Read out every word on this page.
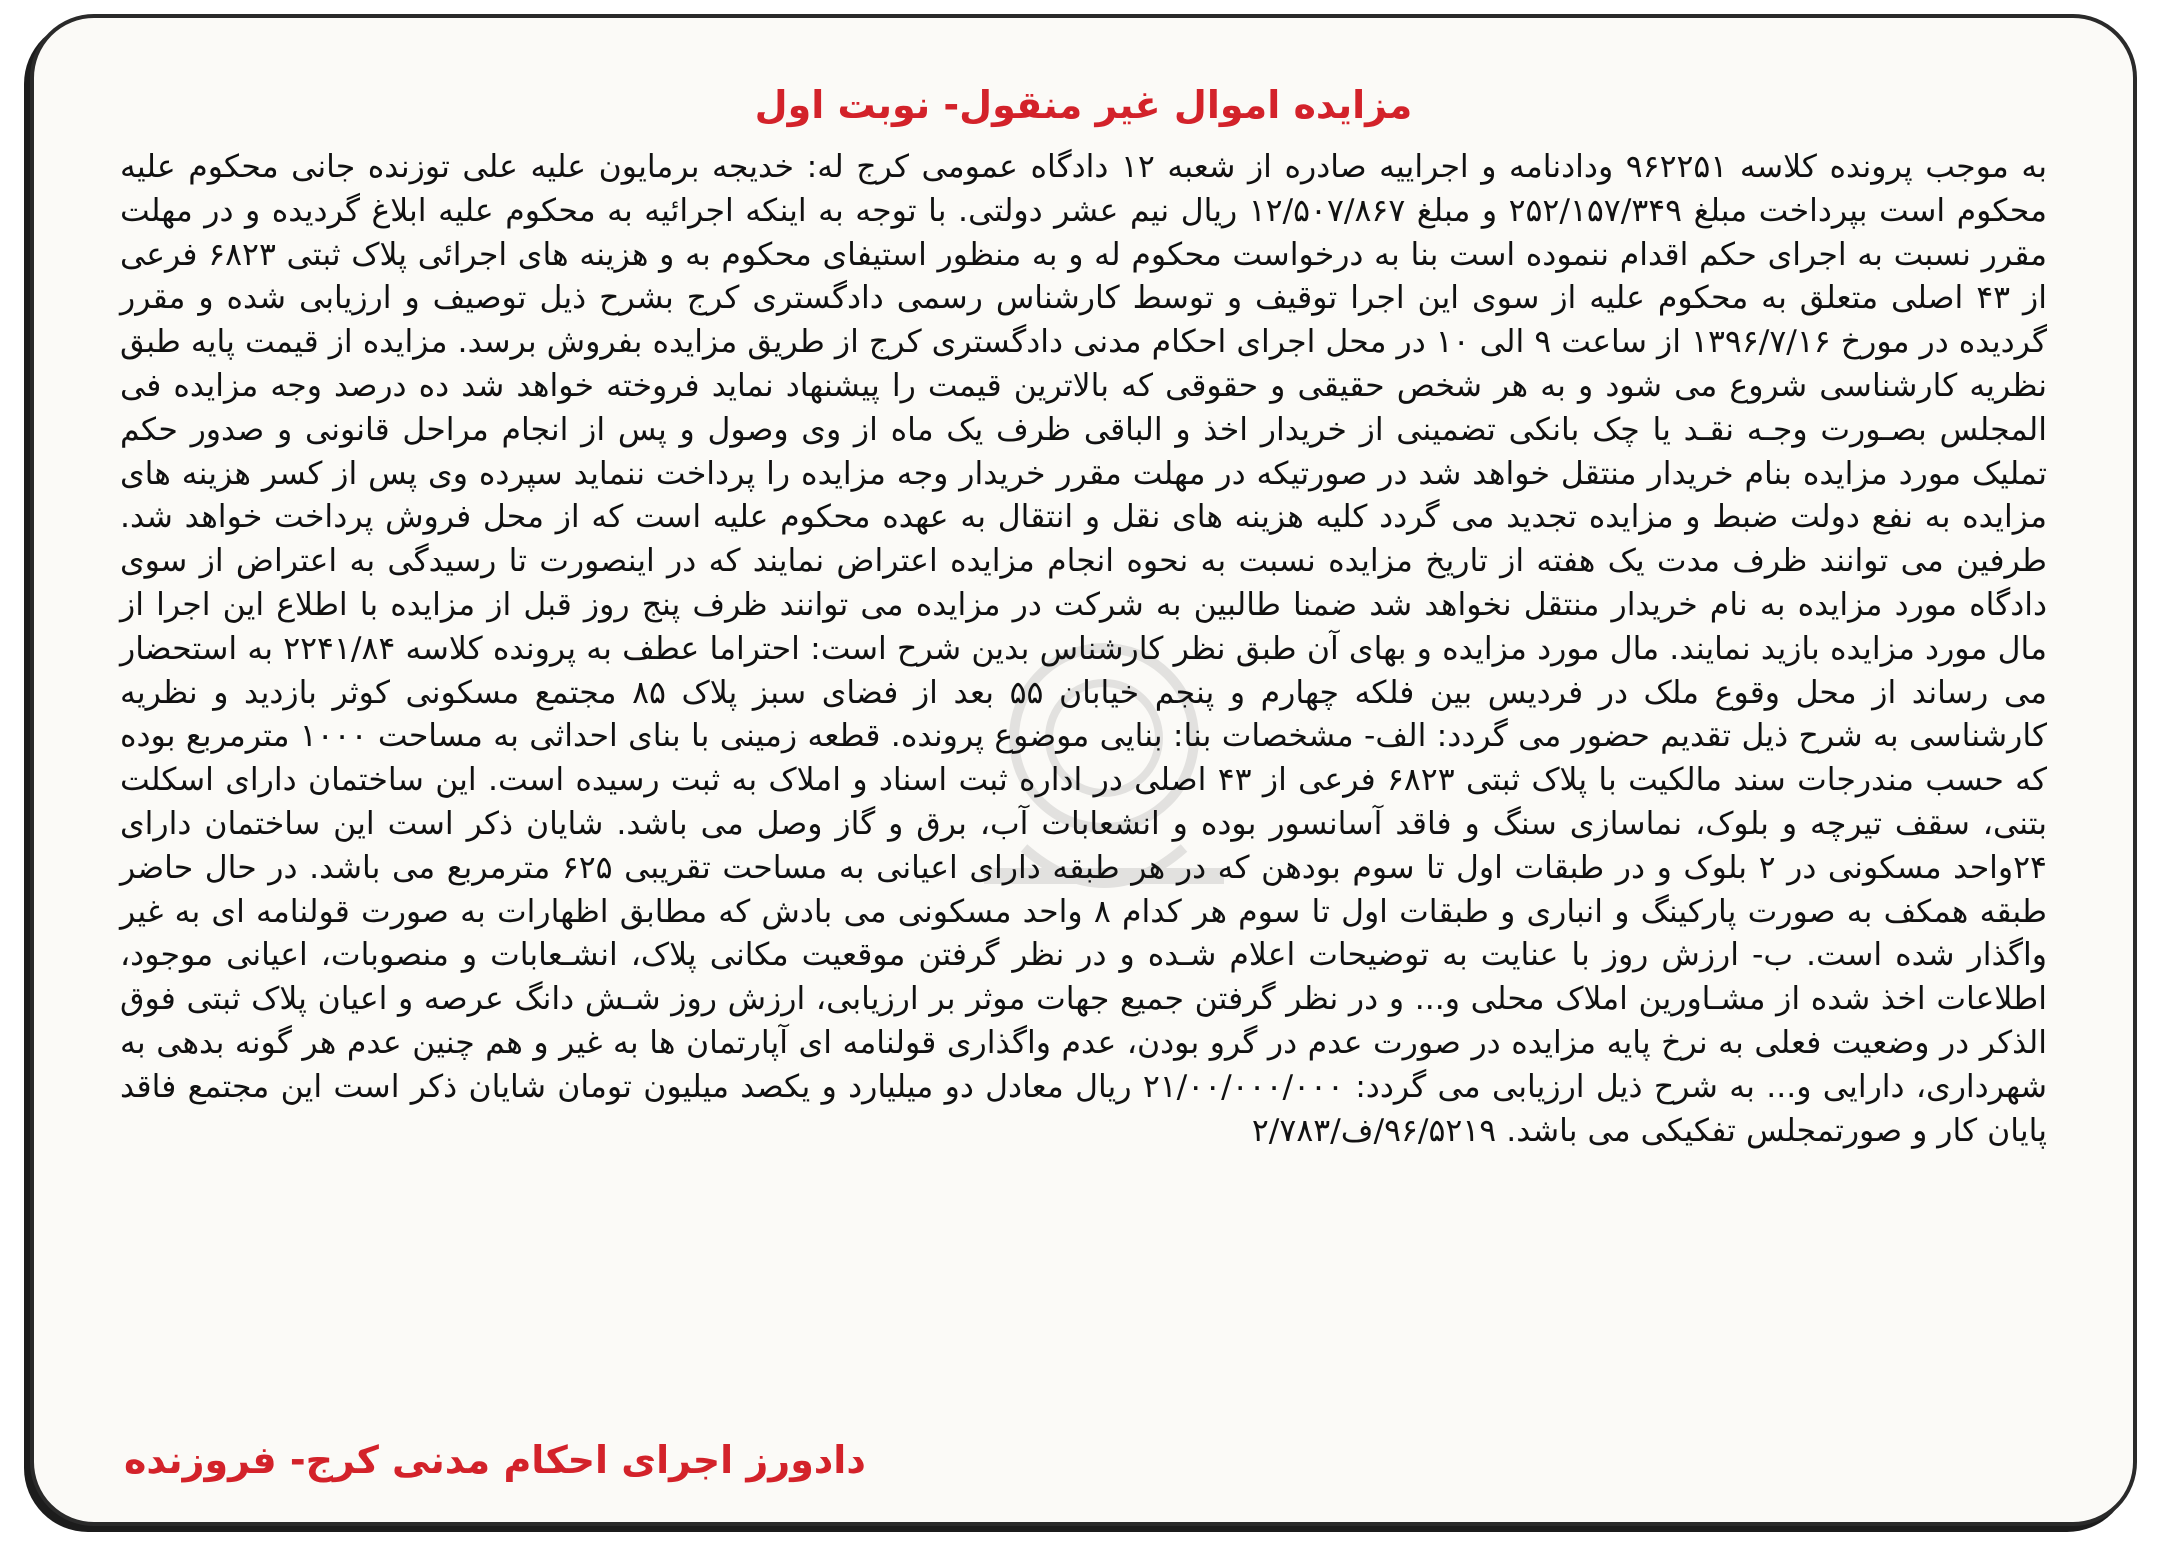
مزایده اموال غیر منقول- نوبت اول
به موجب پرونده کلاسه ۹۶۲۲۵۱ ودادنامه و اجراییه صادره از شعبه ۱۲ دادگاه عمومی کرج له: خدیجه برمایون علیه علی توزنده جانی محکوم علیه محکوم است بپرداخت مبلغ ۲۵۲/۱۵۷/۳۴۹ و مبلغ ۱۲/۵۰۷/۸۶۷ ریال نیم عشر دولتی. با توجه به اینکه اجرائیه به محکوم علیه ابلاغ گردیده و در مهلت مقرر نسبت به اجرای حکم اقدام ننموده است بنا به درخواست محکوم له و به منظور استیفای محکوم به و هزینه های اجرائی پلاک ثبتی ۶۸۲۳ فرعی از ۴۳ اصلی متعلق به محکوم علیه از سوی این اجرا توقیف و توسط کارشناس رسمی دادگستری کرج بشرح ذیل توصیف و ارزیابی شده و مقرر گردیده در مورخ ۱۳۹۶/۷/۱۶ از ساعت ۹ الی ۱۰ در محل اجرای احکام مدنی دادگستری کرج از طریق مزایده بفروش برسد. مزایده از قیمت پایه طبق نظریه کارشناسی شروع می شود و به هر شخص حقیقی و حقوقی که بالاترین قیمت را پیشنهاد نماید فروخته خواهد شد ده درصد وجه مزایده فی المجلس بصـورت وجـه نقـد یا چک بانکی تضمینی از خریدار اخذ و الباقی ظرف یک ماه از وی وصول و پس از انجام مراحل قانونی و صدور حکم تملیک مورد مزایده بنام خریدار منتقل خواهد شد در صورتیکه در مهلت مقرر خریدار وجه مزایده را پرداخت ننماید سپرده وی پس از کسر هزینه های مزایده به نفع دولت ضبط و مزایده تجدید می گردد کلیه هزینه های نقل و انتقال به عهده محکوم علیه است که از محل فروش پرداخت خواهد شد. طرفین می توانند ظرف مدت یک هفته از تاریخ مزایده نسبت به نحوه انجام مزایده اعتراض نمایند که در اینصورت تا رسیدگی به اعتراض از سوی دادگاه مورد مزایده به نام خریدار منتقل نخواهد شد ضمنا طالبین به شرکت در مزایده می توانند ظرف پنج روز قبل از مزایده با اطلاع این اجرا از مال مورد مزایده بازید نمایند. مال مورد مزایده و بهای آن طبق نظر کارشناس بدین شرح است: احتراما عطف به پرونده کلاسه ۲۲۴۱/۸۴ به استحضار می رساند از محل وقوع ملک در فردیس بین فلکه چهارم و پنجم خیابان ۵۵ بعد از فضای سبز پلاک ۸۵ مجتمع مسکونی کوثر بازدید و نظریه کارشناسی به شرح ذیل تقدیم حضور می گردد: الف- مشخصات بنا: بنایی موضوع پرونده. قطعه زمینی با بنای احداثی به مساحت ۱۰۰۰ مترمربع بوده که حسب مندرجات سند مالکیت با پلاک ثبتی ۶۸۲۳ فرعی از ۴۳ اصلی در اداره ثبت اسناد و املاک به ثبت رسیده است. این ساختمان دارای اسکلت بتنی، سقف تیرچه و بلوک، نماسازی سنگ و فاقد آسانسور بوده و انشعابات آب، برق و گاز وصل می باشد. شایان ذکر است این ساختمان دارای ۲۴واحد مسکونی در ۲ بلوک و در طبقات اول تا سوم بودهن که در هر طبقه دارای اعیانی به مساحت تقریبی ۶۲۵ مترمربع می باشد. در حال حاضر طبقه همکف به صورت پارکینگ و انباری و طبقات اول تا سوم هر کدام ۸ واحد مسکونی می بادش که مطابق اظهارات به صورت قولنامه ای به غیر واگذار شده است. ب- ارزش روز با عنایت به توضیحات اعلام شـده و در نظر گرفتن موقعیت مکانی پلاک، انشـعابات و منصوبات، اعیانی موجود، اطلاعات اخذ شده از مشـاورین املاک محلی و... و در نظر گرفتن جمیع جهات موثر بر ارزیابی، ارزش روز شـش دانگ عرصه و اعیان پلاک ثبتی فوق الذکر در وضعیت فعلی به نرخ پایه مزایده در صورت عدم در گرو بودن، عدم واگذاری قولنامه ای آپارتمان ها به غیر و هم چنین عدم هر گونه بدهی به شهرداری، دارایی و... به شرح ذیل ارزیابی می گردد: ۲۱/۰۰/۰۰۰/۰۰۰ ریال معادل دو میلیارد و یکصد میلیون تومان شایان ذکر است این مجتمع فاقد پایان کار و صورتمجلس تفکیکی می باشد. ۹۶/۵۲۱۹/ف/۲/۷۸۳
دادورز اجرای احکام مدنی کرج- فروزنده
